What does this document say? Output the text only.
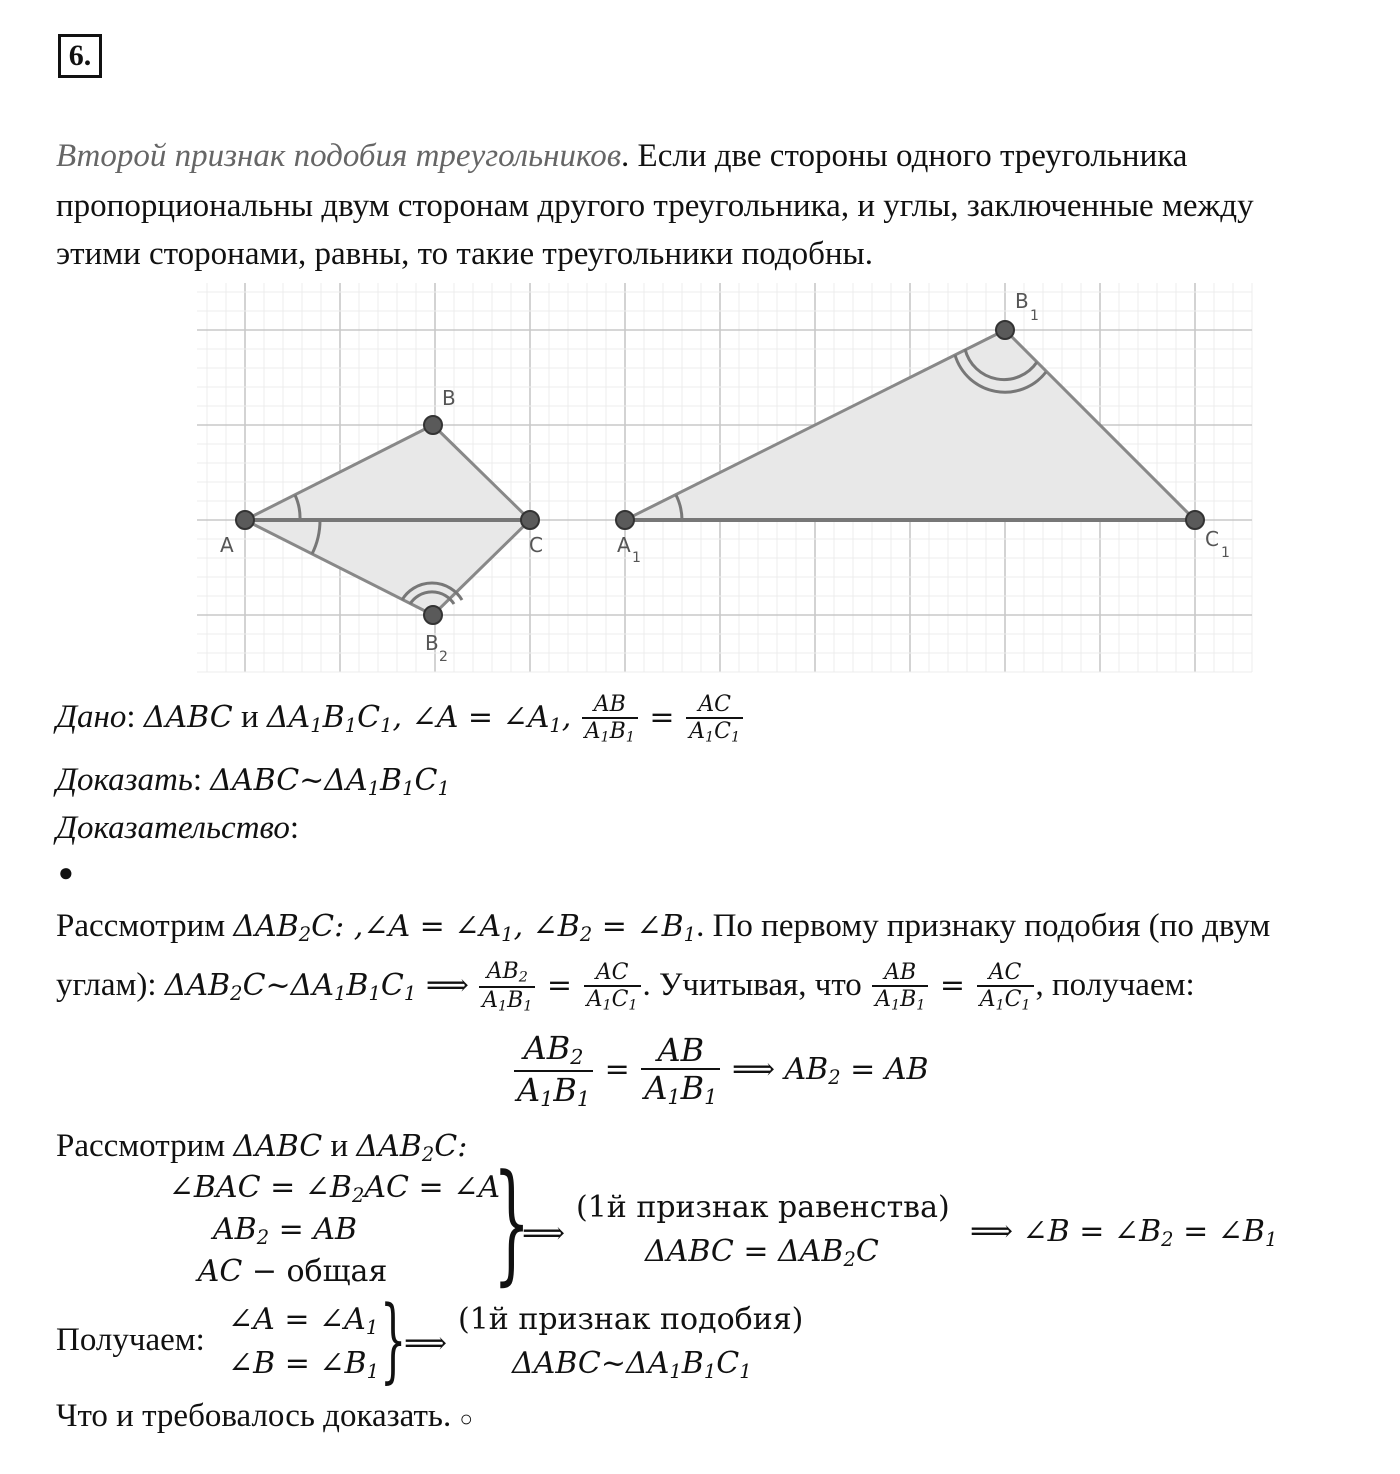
6.
Второй признак подобия треугольников. Если две стороны одного треугольника
пропорциональны двум сторонам другого треугольника, и углы, заключенные между
этими сторонами, равны, то такие треугольники подобны.
A
B
C
B
2
A
1
B
1
C
1
Дано: ΔABC и $\Delta A_1B_1C_1$, ∠A = $\angle A_1$, $\frac{AB}{A_1B_1} = \frac{AC}{A_1C_1}$
Доказать: $\Delta ABC\sim\Delta A_1B_1C_1$
Доказательство:
●
Рассмотрим $\Delta AB_2C$: ,∠A = $\angle A_1$, $\angle B_2$ = $\angle B_1$. По первому признаку подобия (по двум
углам): $\Delta AB_2C\sim\Delta A_1B_1C_1$ ⟹ $\frac{AB_2}{A_1B_1} = \frac{AC}{A_1C_1}$ . Учитывая, что $\frac{AB}{A_1B_1} = \frac{AC}{A_1C_1}$ , получаем:
$\frac{AB_2}{A_1B_1} = \frac{AB}{A_1B_1}$ ⟹ $AB_2$ = AB
Рассмотрим ΔABC и $\Delta AB_2C$:
∠BAC = $\angle B_2AC$ = ∠A
$AB_2$ = AB
AC − общая }
⟹
(1й признак равенства)
$\Delta ABC = \Delta AB_2C$
⟹ ∠B = $\angle B_2$ = $\angle B_1$
Получаем:
∠A = $\angle A_1$
∠B = $\angle B_1$ }
⟹
(1й признак подобия)
$\Delta ABC\sim\Delta A_1B_1C_1$
Что и требовалось доказать. ○
